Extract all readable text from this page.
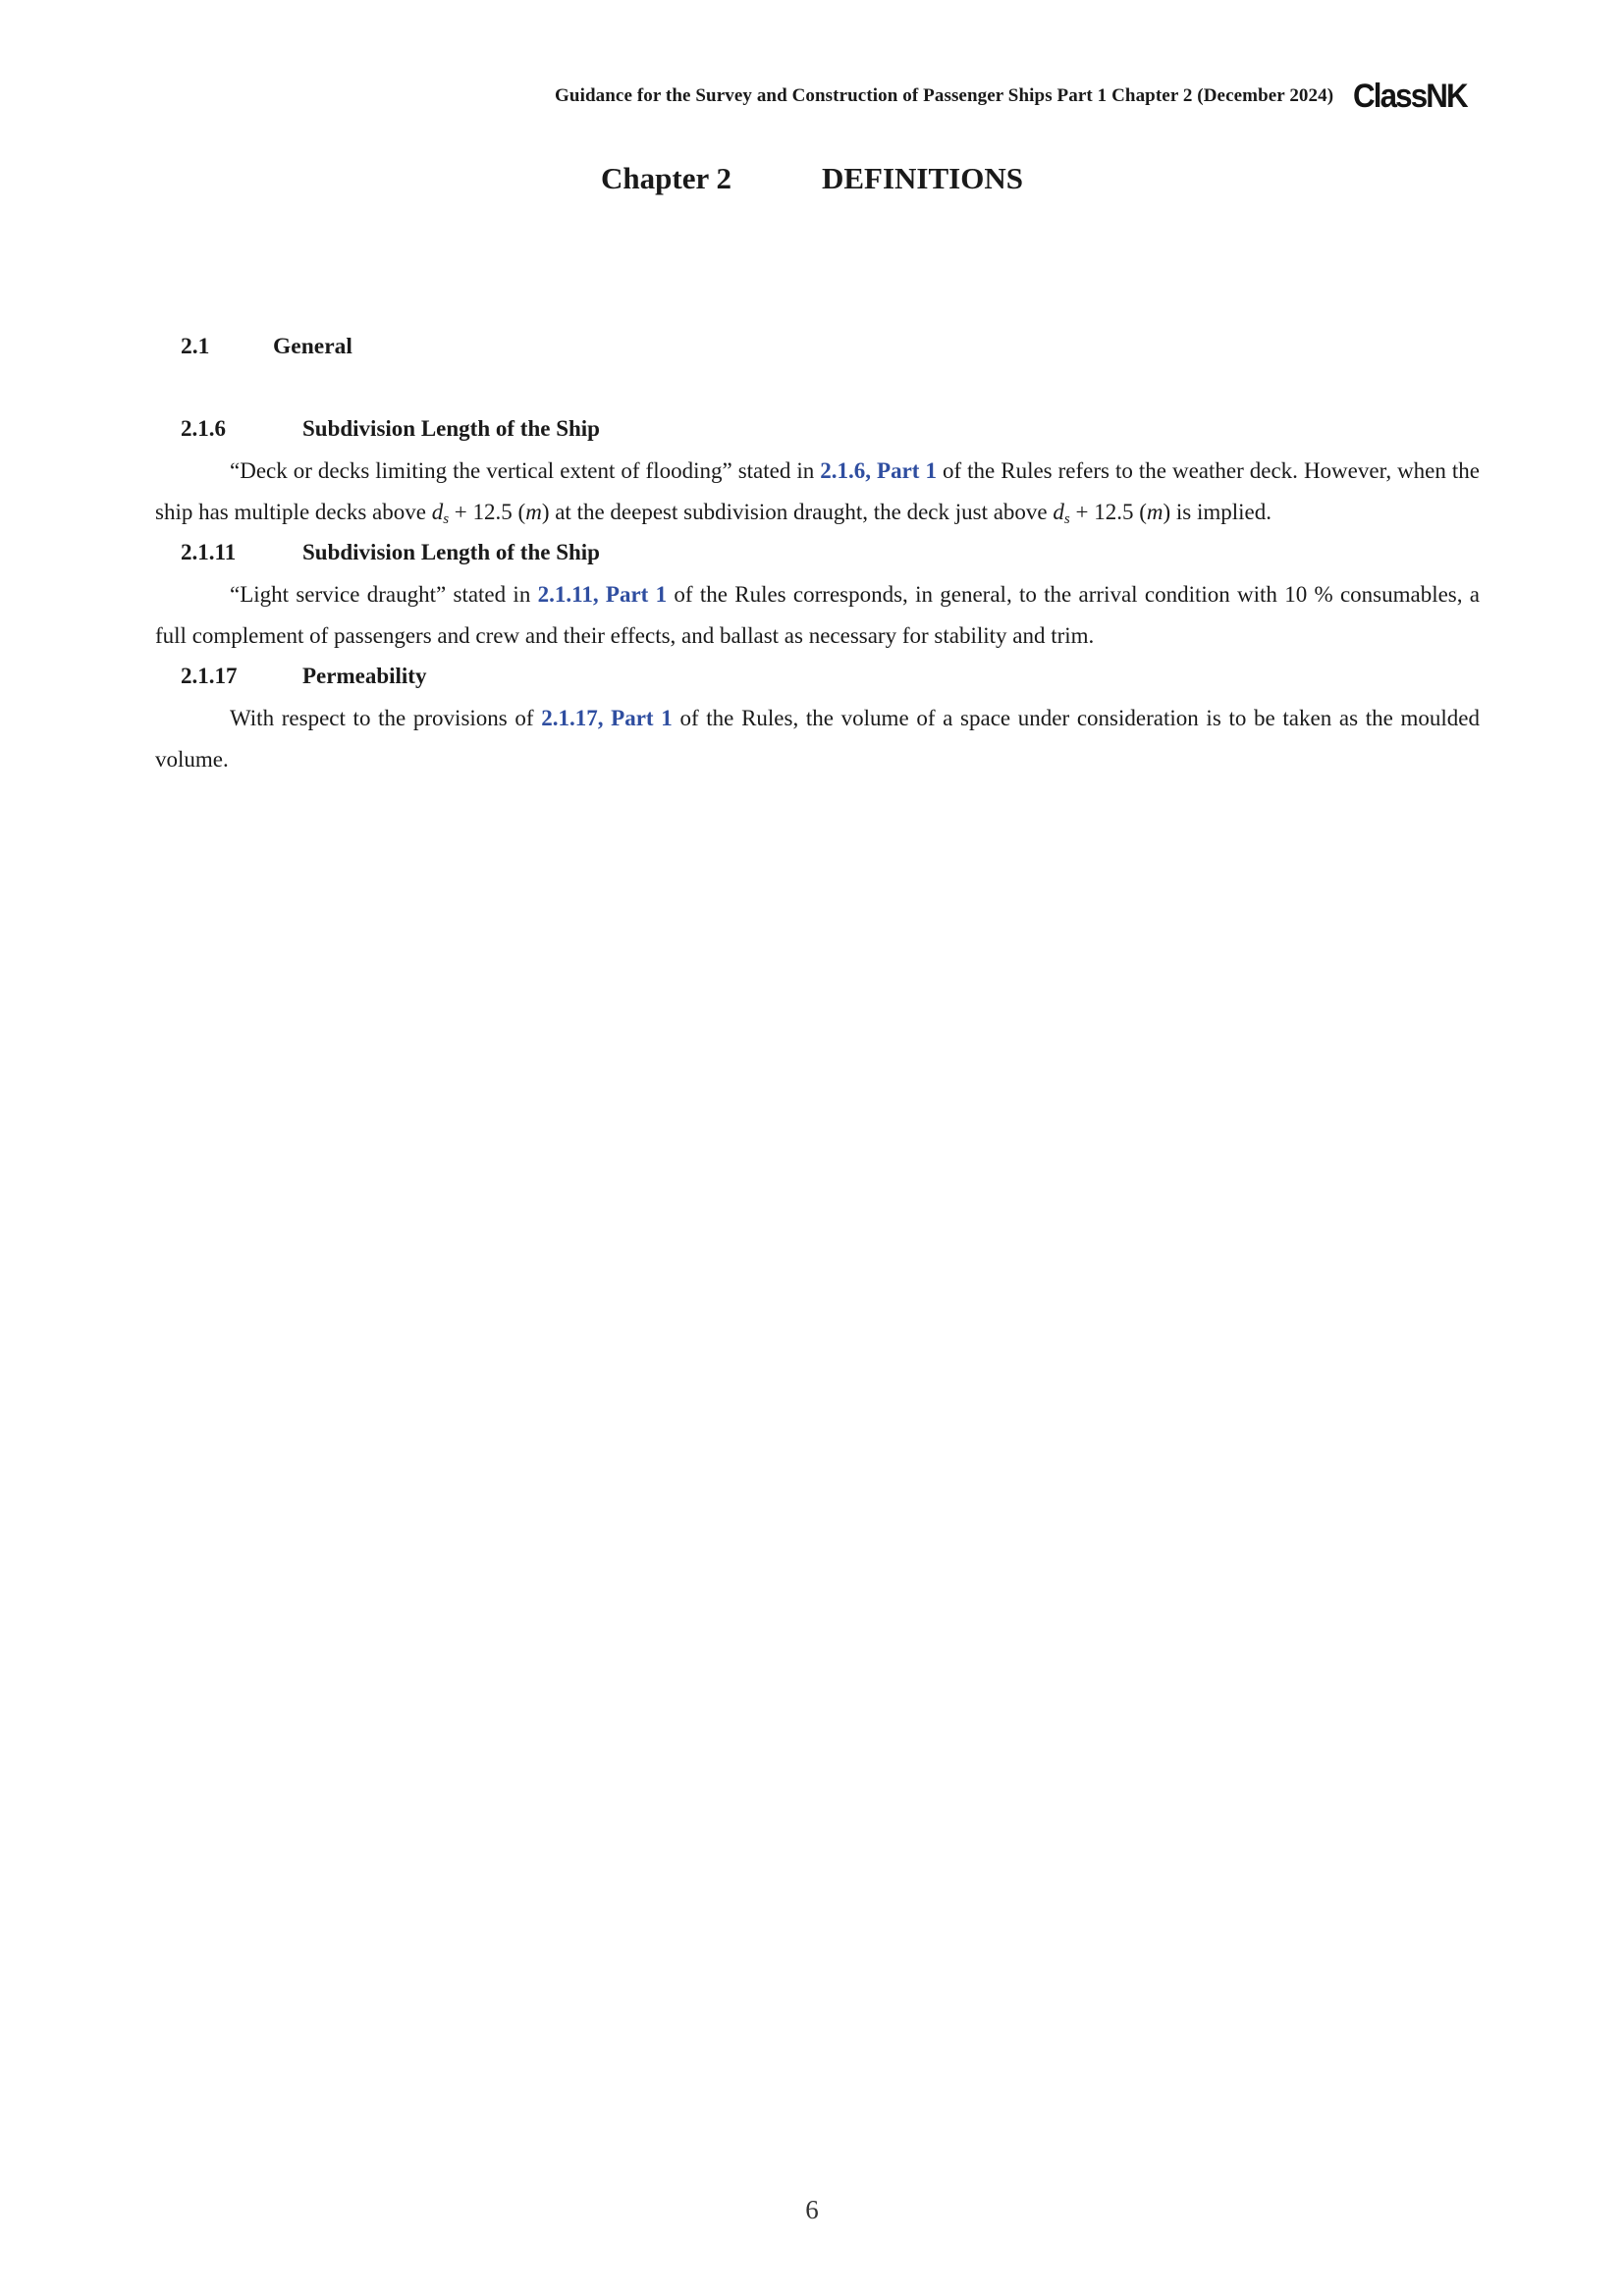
Guidance for the Survey and Construction of Passenger Ships Part 1 Chapter 2 (December 2024) ClassNK
Chapter 2	DEFINITIONS
2.1	General
2.1.6	Subdivision Length of the Ship
“Deck or decks limiting the vertical extent of flooding” stated in 2.1.6, Part 1 of the Rules refers to the weather deck. However, when the ship has multiple decks above $d_s + 12.5$ (m) at the deepest subdivision draught, the deck just above $d_s + 12.5$ (m) is implied.
2.1.11	Subdivision Length of the Ship
“Light service draught” stated in 2.1.11, Part 1 of the Rules corresponds, in general, to the arrival condition with 10 % consumables, a full complement of passengers and crew and their effects, and ballast as necessary for stability and trim.
2.1.17	Permeability
With respect to the provisions of 2.1.17, Part 1 of the Rules, the volume of a space under consideration is to be taken as the moulded volume.
6
